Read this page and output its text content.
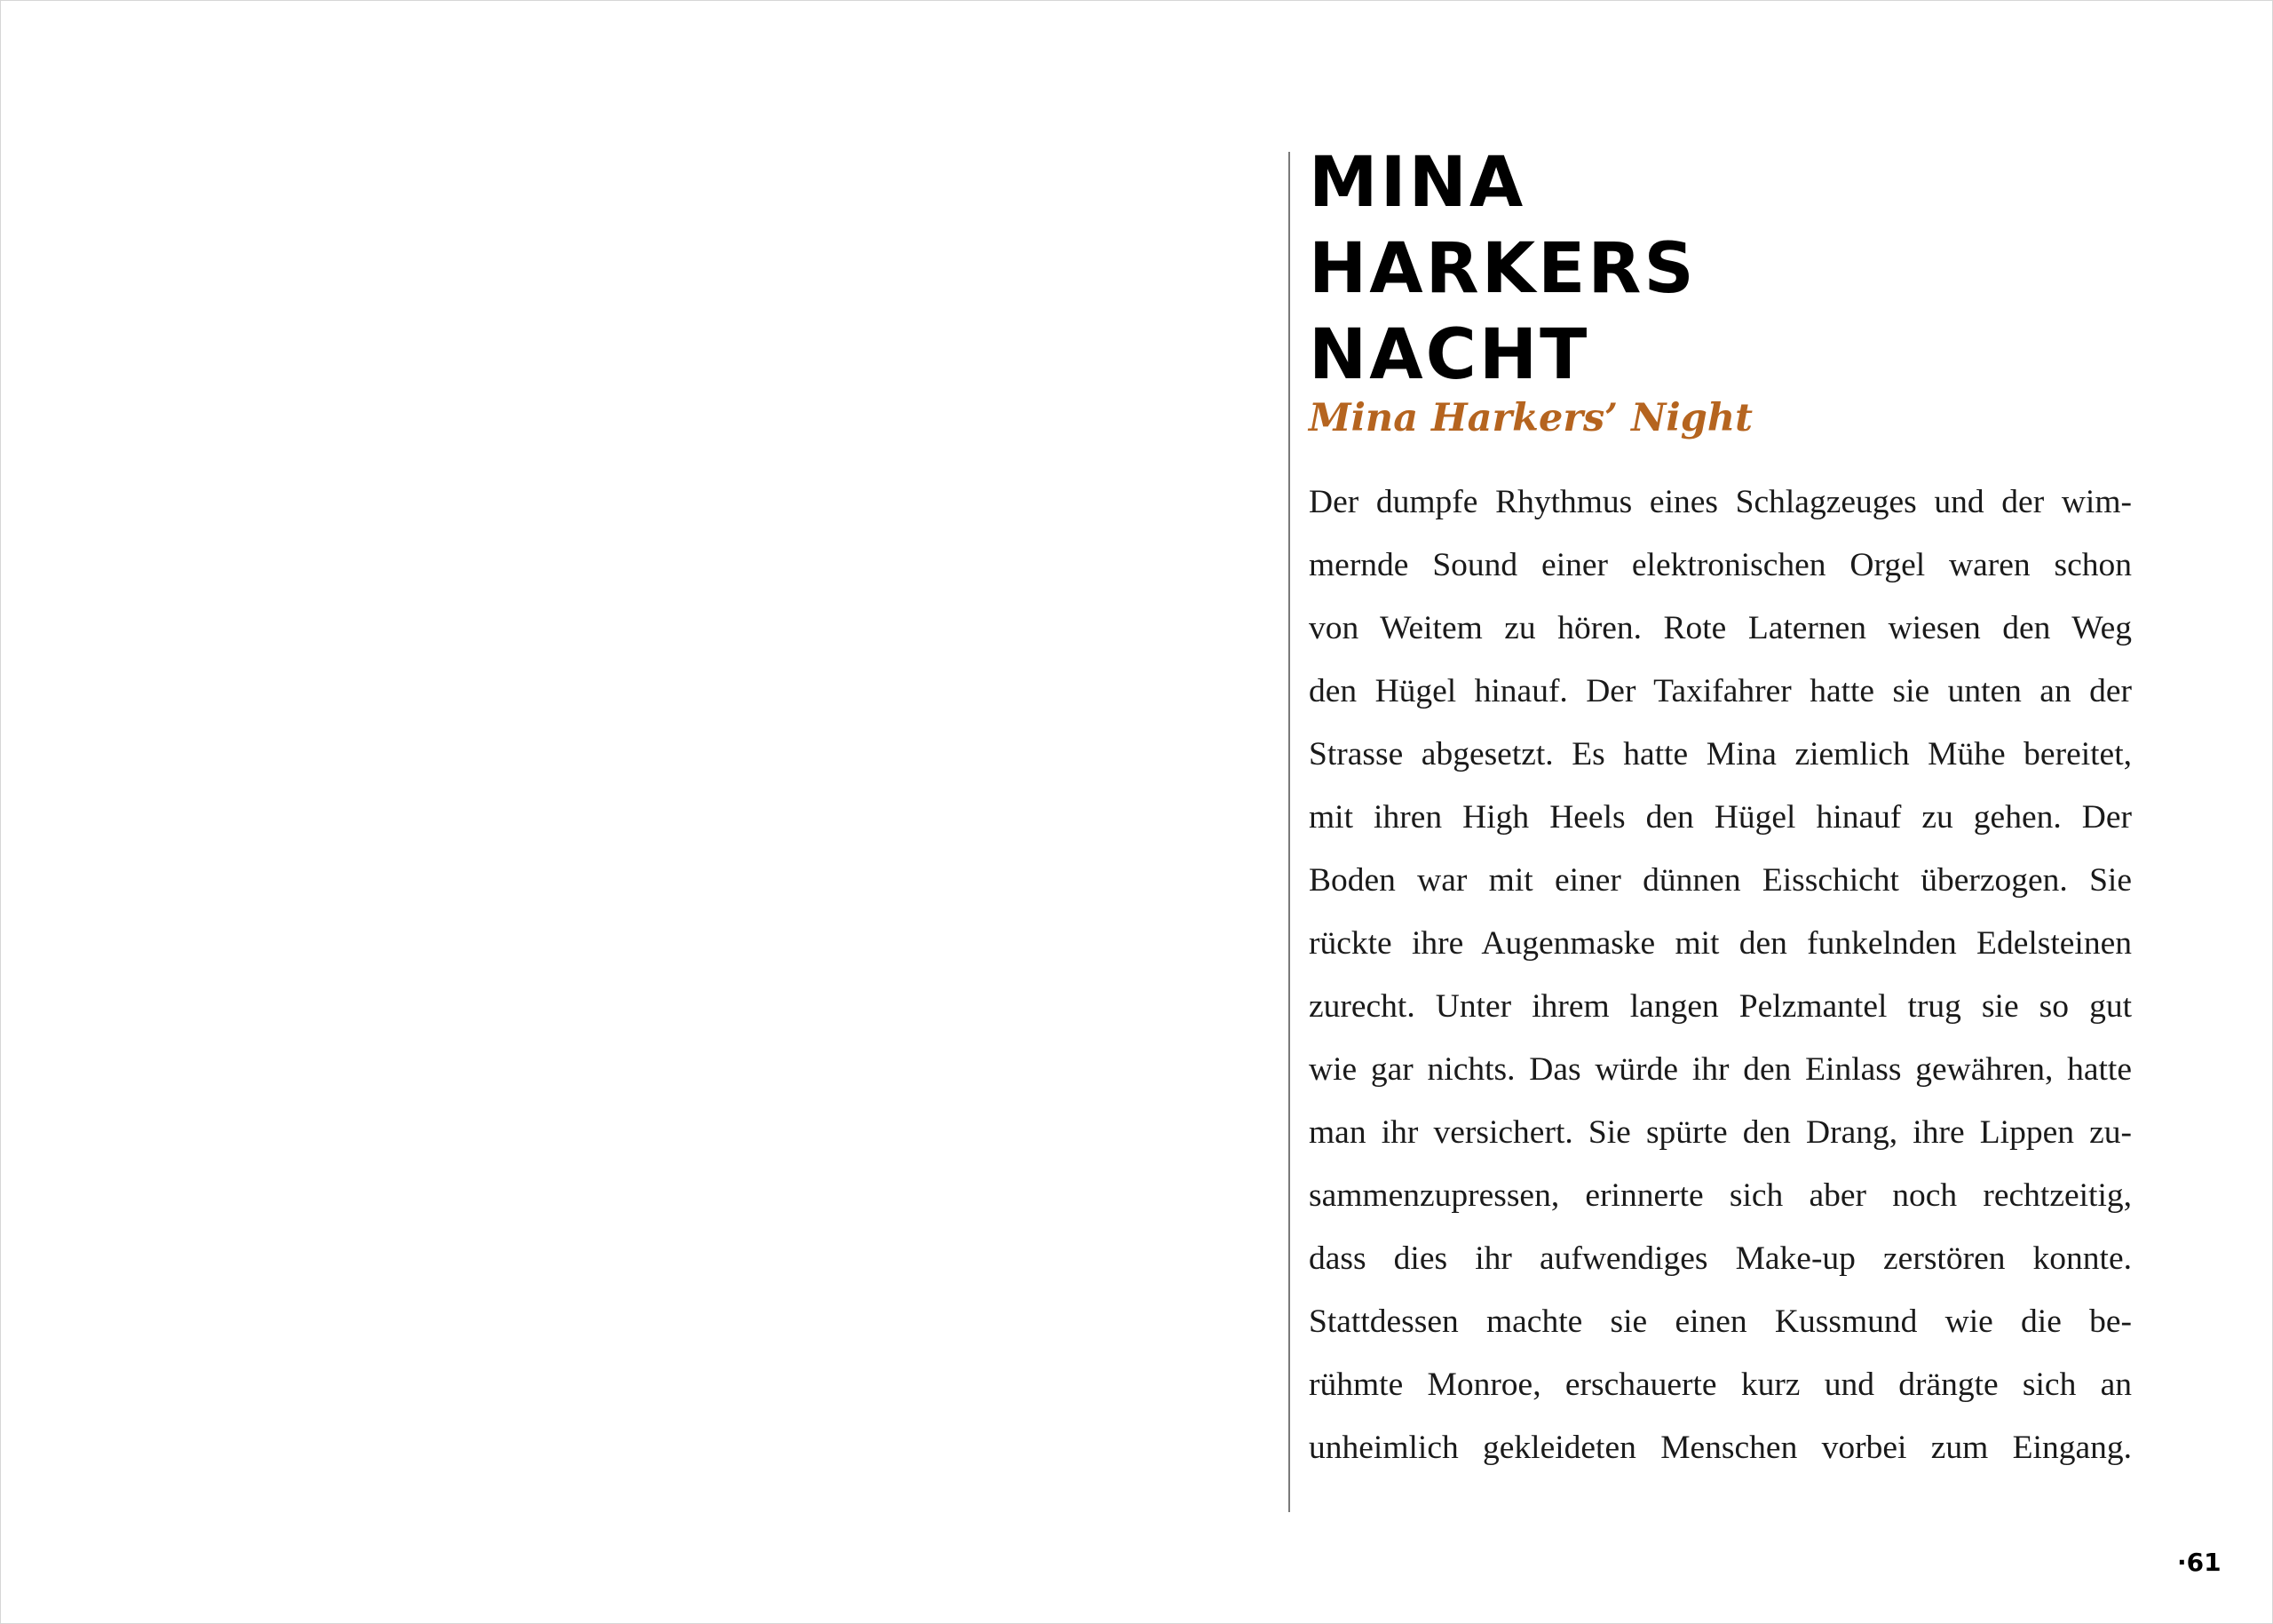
MINA
HARKERS
NACHT
Mina Harkers’ Night
Der dumpfe Rhythmus eines Schlagzeuges und der wim-
mernde Sound einer elektronischen Orgel waren schon
von Weitem zu hören. Rote Laternen wiesen den Weg
den Hügel hinauf. Der Taxifahrer hatte sie unten an der
Strasse abgesetzt. Es hatte Mina ziemlich Mühe bereitet,
mit ihren High Heels den Hügel hinauf zu gehen. Der
Boden war mit einer dünnen Eisschicht überzogen. Sie
rückte ihre Augenmaske mit den funkelnden Edelsteinen
zurecht. Unter ihrem langen Pelzmantel trug sie so gut
wie gar nichts. Das würde ihr den Einlass gewähren, hatte
man ihr versichert. Sie spürte den Drang, ihre Lippen zu-
sammenzupressen, erinnerte sich aber noch rechtzeitig,
dass dies ihr aufwendiges Make-up zerstören konnte.
Stattdessen machte sie einen Kussmund wie die be-
rühmte Monroe, erschauerte kurz und drängte sich an
unheimlich gekleideten Menschen vorbei zum Eingang.
·61
